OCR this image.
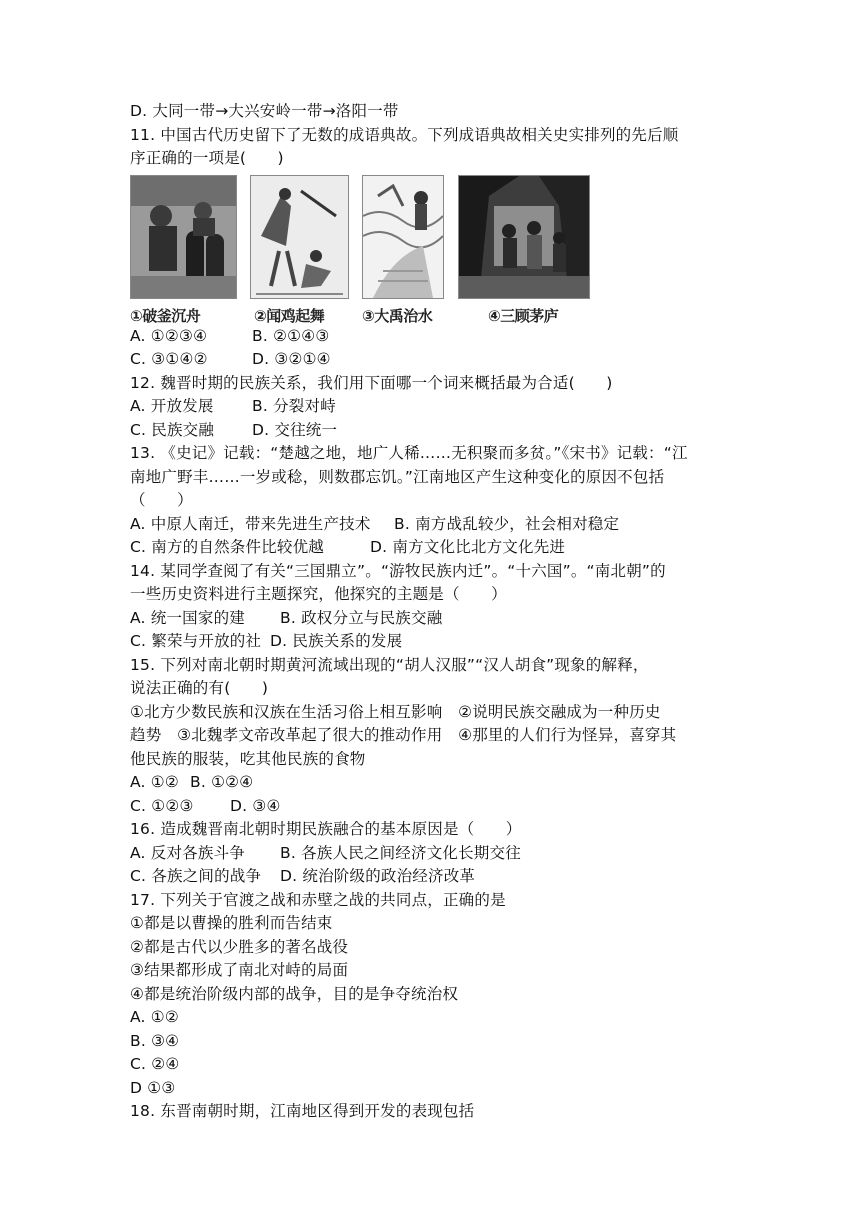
D. 大同一带→大兴安岭一带→洛阳一带
11. 中国古代历史留下了无数的成语典故。下列成语典故相关史实排列的先后顺
序正确的一项是(　　)
①破釜沉舟	②闻鸡起舞	③大禹治水	④三顾茅庐
A. ①②③④	B. ②①④③
C. ③①④②	D. ③②①④
12. 魏晋时期的民族关系，我们用下面哪一个词来概括最为合适(　　)
A. 开放发展	B. 分裂对峙
C. 民族交融	D. 交往统一
13. 《史记》记载：“楚越之地，地广人稀……无积聚而多贫。”《宋书》记载：“江
南地广野丰……一岁或稔，则数郡忘饥。”江南地区产生这种变化的原因不包括
（　　）
A. 中原人南迁，带来先进生产技术	B. 南方战乱较少，社会相对稳定
C. 南方的自然条件比较优越	D. 南方文化比北方文化先进
14. 某同学查阅了有关“三国鼎立”。“游牧民族内迁”。“十六国”。“南北朝”的
一些历史资料进行主题探究，他探究的主题是（　　）
A. 统一国家的建	B. 政权分立与民族交融
C. 繁荣与开放的社 D. 民族关系的发展
15. 下列对南北朝时期黄河流域出现的“胡人汉服”“汉人胡食”现象的解释，
说法正确的有(　　)
①北方少数民族和汉族在生活习俗上相互影响　②说明民族交融成为一种历史
趋势　③北魏孝文帝改革起了很大的推动作用　④那里的人们行为怪异，喜穿其
他民族的服装，吃其他民族的食物
A. ①② B. ①②④
C. ①②③	D. ③④
16. 造成魏晋南北朝时期民族融合的基本原因是（　　）
A. 反对各族斗争	B. 各族人民之间经济文化长期交往
C. 各族之间的战争	D. 统治阶级的政治经济改革
17. 下列关于官渡之战和赤壁之战的共同点，正确的是
①都是以曹操的胜利而告结束
②都是古代以少胜多的著名战役
③结果都形成了南北对峙的局面
④都是统治阶级内部的战争，目的是争夺统治权
A. ①②
B. ③④
C. ②④
D ①③
18. 东晋南朝时期，江南地区得到开发的表现包括
